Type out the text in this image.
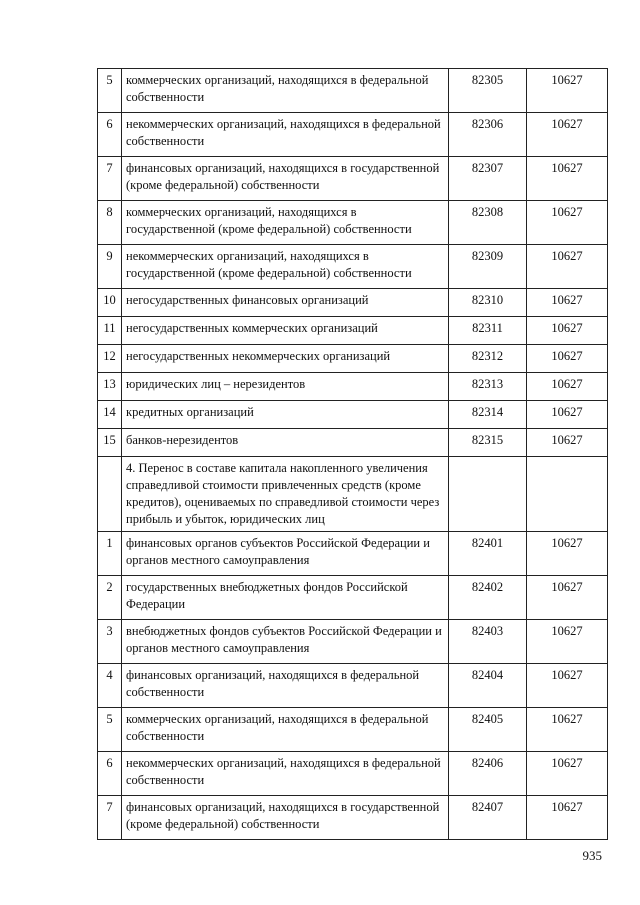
5	коммерческих организаций, находящихся в федеральной собственности	82305	10627
6	некоммерческих организаций, находящихся в федеральной собственности	82306	10627
7	финансовых организаций, находящихся в государственной (кроме федеральной) собственности	82307	10627
8	коммерческих организаций, находящихся в государственной (кроме федеральной) собственности	82308	10627
9	некоммерческих организаций, находящихся в государственной (кроме федеральной) собственности	82309	10627
10	негосударственных финансовых организаций	82310	10627
11	негосударственных коммерческих организаций	82311	10627
12	негосударственных некоммерческих организаций	82312	10627
13	юридических лиц – нерезидентов	82313	10627
14	кредитных организаций	82314	10627
15	банков-нерезидентов	82315	10627
	4. Перенос в составе капитала накопленного увеличения справедливой стоимости привлеченных средств (кроме кредитов), оцениваемых по справедливой стоимости через прибыль и убыток, юридических лиц		
1	финансовых органов субъектов Российской Федерации и органов местного самоуправления	82401	10627
2	государственных внебюджетных фондов Российской Федерации	82402	10627
3	внебюджетных фондов субъектов Российской Федерации и органов местного самоуправления	82403	10627
4	финансовых организаций, находящихся в федеральной собственности	82404	10627
5	коммерческих организаций, находящихся в федеральной собственности	82405	10627
6	некоммерческих организаций, находящихся в федеральной собственности	82406	10627
7	финансовых организаций, находящихся в государственной (кроме федеральной) собственности	82407	10627
935
